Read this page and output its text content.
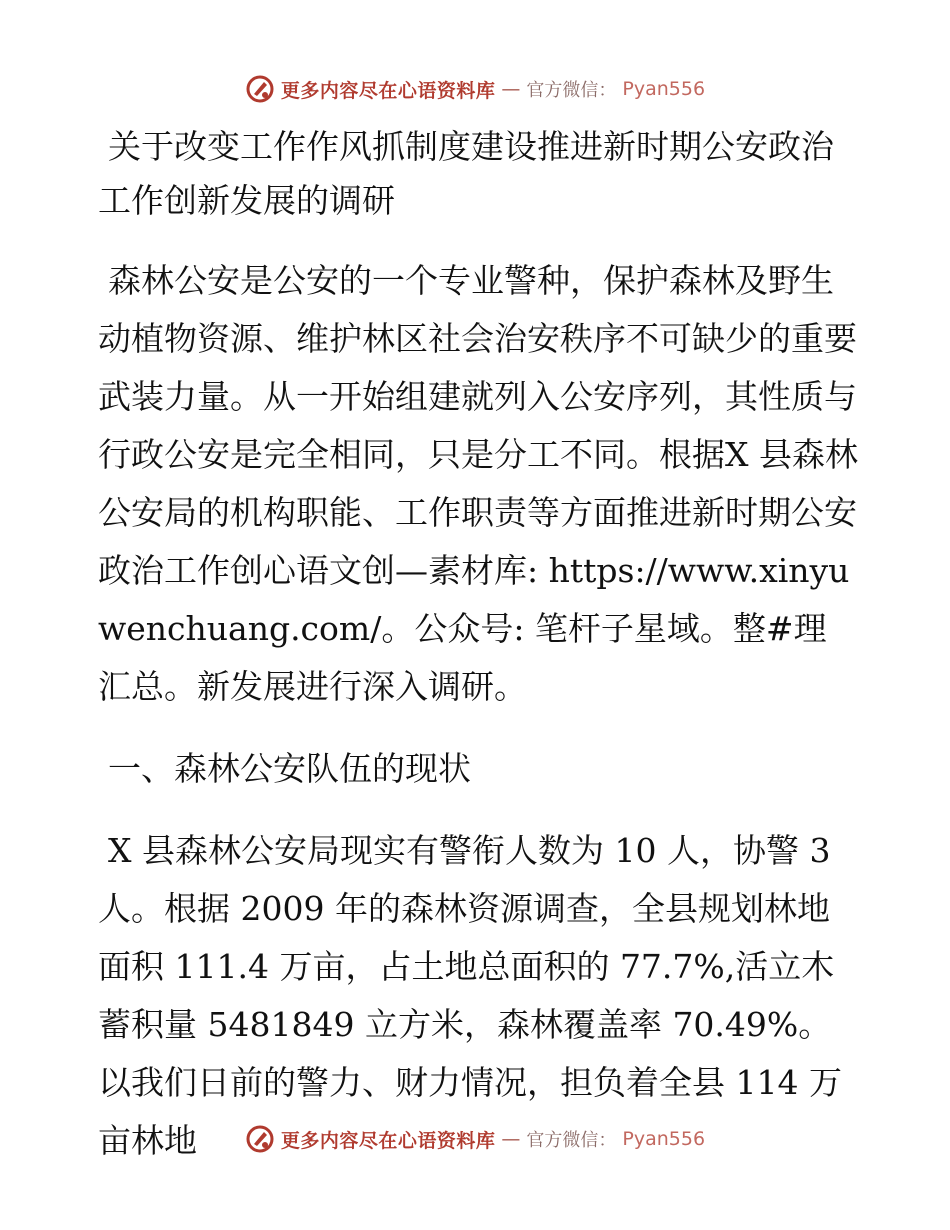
更多内容尽在心语资料库 — 官方微信： Pyan556

关于改变工作作风抓制度建设推进新时期公安政治工作创新发展的调研

森林公安是公安的一个专业警种，保护森林及野生动植物资源、维护林区社会治安秩序不可缺少的重要武装力量。从一开始组建就列入公安序列，其性质与行政公安是完全相同，只是分工不同。根据X 县森林公安局的机构职能、工作职责等方面推进新时期公安政治工作创心语文创—素材库: https://www.xinyuwenchuang.com/。公众号: 笔杆子星域。整#理汇总。新发展进行深入调研。

一、森林公安队伍的现状

X 县森林公安局现实有警衔人数为 10 人，协警 3人。根据 2009 年的森林资源调查，全县规划林地面积 111.4 万亩，占土地总面积的 77.7%,活立木蓄积量 5481849 立方米，森林覆盖率 70.49%。以我们日前的警力、财力情况，担负着全县 114 万亩林地	更多内容尽在心语资料库 — 官方微信： Pyan556
